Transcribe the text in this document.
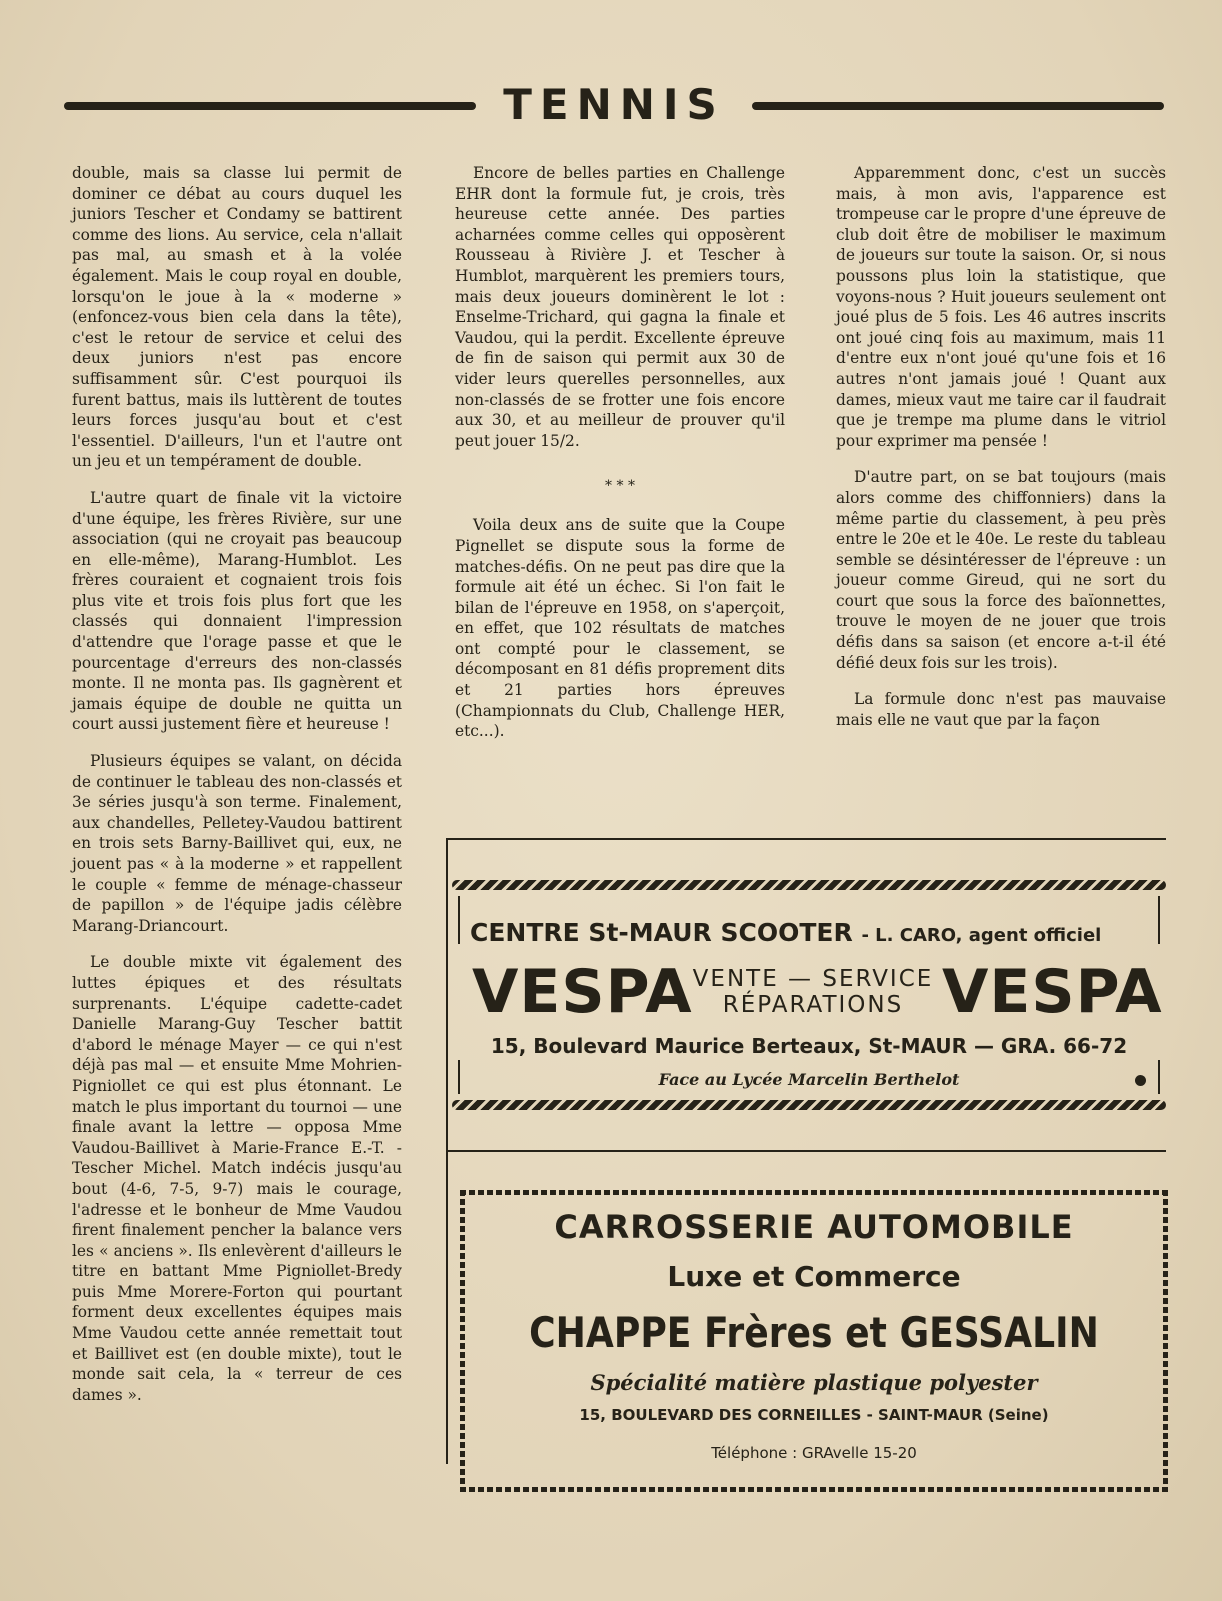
TENNIS

double, mais sa classe lui permit de dominer ce débat au cours duquel les juniors Tescher et Condamy se battirent comme des lions. Au service, cela n'allait pas mal, au smash et à la volée également. Mais le coup royal en double, lorsqu'on le joue à la « moderne » (enfoncez-vous bien cela dans la tête), c'est le retour de service et celui des deux juniors n'est pas encore suffisamment sûr. C'est pourquoi ils furent battus, mais ils luttèrent de toutes leurs forces jusqu'au bout et c'est l'essentiel. D'ailleurs, l'un et l'autre ont un jeu et un tempérament de double.

L'autre quart de finale vit la victoire d'une équipe, les frères Rivière, sur une association (qui ne croyait pas beaucoup en elle-même), Marang-Humblot. Les frères couraient et cognaient trois fois plus vite et trois fois plus fort que les classés qui donnaient l'impression d'attendre que l'orage passe et que le pourcentage d'erreurs des non-classés monte. Il ne monta pas. Ils gagnèrent et jamais équipe de double ne quitta un court aussi justement fière et heureuse !

Plusieurs équipes se valant, on décida de continuer le tableau des non-classés et 3e séries jusqu'à son terme. Finalement, aux chandelles, Pelletey-Vaudou battirent en trois sets Barny-Baillivet qui, eux, ne jouent pas « à la moderne » et rappellent le couple « femme de ménage-chasseur de papillon » de l'équipe jadis célèbre Marang-Driancourt.

Le double mixte vit également des luttes épiques et des résultats surprenants. L'équipe cadette-cadet Danielle Marang-Guy Tescher battit d'abord le ménage Mayer — ce qui n'est déjà pas mal — et ensuite Mme Mohrien-Pigniollet ce qui est plus étonnant. Le match le plus important du tournoi — une finale avant la lettre — opposa Mme Vaudou-Baillivet à Marie-France E.-T. - Tescher Michel. Match indécis jusqu'au bout (4-6, 7-5, 9-7) mais le courage, l'adresse et le bonheur de Mme Vaudou firent finalement pencher la balance vers les « anciens ». Ils enlevèrent d'ailleurs le titre en battant Mme Pigniollet-Bredy puis Mme Morere-Forton qui pourtant forment deux excellentes équipes mais Mme Vaudou cette année remettait tout et Baillivet est (en double mixte), tout le monde sait cela, la « terreur de ces dames ».

Encore de belles parties en Challenge EHR dont la formule fut, je crois, très heureuse cette année. Des parties acharnées comme celles qui opposèrent Rousseau à Rivière J. et Tescher à Humblot, marquèrent les premiers tours, mais deux joueurs dominèrent le lot : Enselme-Trichard, qui gagna la finale et Vaudou, qui la perdit. Excellente épreuve de fin de saison qui permit aux 30 de vider leurs querelles personnelles, aux non-classés de se frotter une fois encore aux 30, et au meilleur de prouver qu'il peut jouer 15/2.

* * *

Voila deux ans de suite que la Coupe Pignellet se dispute sous la forme de matches-défis. On ne peut pas dire que la formule ait été un échec. Si l'on fait le bilan de l'épreuve en 1958, on s'aperçoit, en effet, que 102 résultats de matches ont compté pour le classement, se décomposant en 81 défis proprement dits et 21 parties hors épreuves (Championnats du Club, Challenge HER, etc...).

Apparemment donc, c'est un succès mais, à mon avis, l'apparence est trompeuse car le propre d'une épreuve de club doit être de mobiliser le maximum de joueurs sur toute la saison. Or, si nous poussons plus loin la statistique, que voyons-nous ? Huit joueurs seulement ont joué plus de 5 fois. Les 46 autres inscrits ont joué cinq fois au maximum, mais 11 d'entre eux n'ont joué qu'une fois et 16 autres n'ont jamais joué ! Quant aux dames, mieux vaut me taire car il faudrait que je trempe ma plume dans le vitriol pour exprimer ma pensée !

D'autre part, on se bat toujours (mais alors comme des chiffonniers) dans la même partie du classement, à peu près entre le 20e et le 40e. Le reste du tableau semble se désintéresser de l'épreuve : un joueur comme Gireud, qui ne sort du court que sous la force des baïonnettes, trouve le moyen de ne jouer que trois défis dans sa saison (et encore a-t-il été défié deux fois sur les trois).

La formule donc n'est pas mauvaise mais elle ne vaut que par la façon

CENTRE St-MAUR SCOOTER - L. CARO, agent officiel
VESPA VENTE — SERVICE
RÉPARATIONS VESPA
15, Boulevard Maurice Berteaux, St-MAUR — GRA. 66-72
Face au Lycée Marcelin Berthelot
CARROSSERIE AUTOMOBILE
Luxe et Commerce
CHAPPE Frères et GESSALIN
Spécialité matière plastique polyester
15, BOULEVARD DES CORNEILLES - SAINT-MAUR (Seine)
Téléphone : GRAvelle 15-20
